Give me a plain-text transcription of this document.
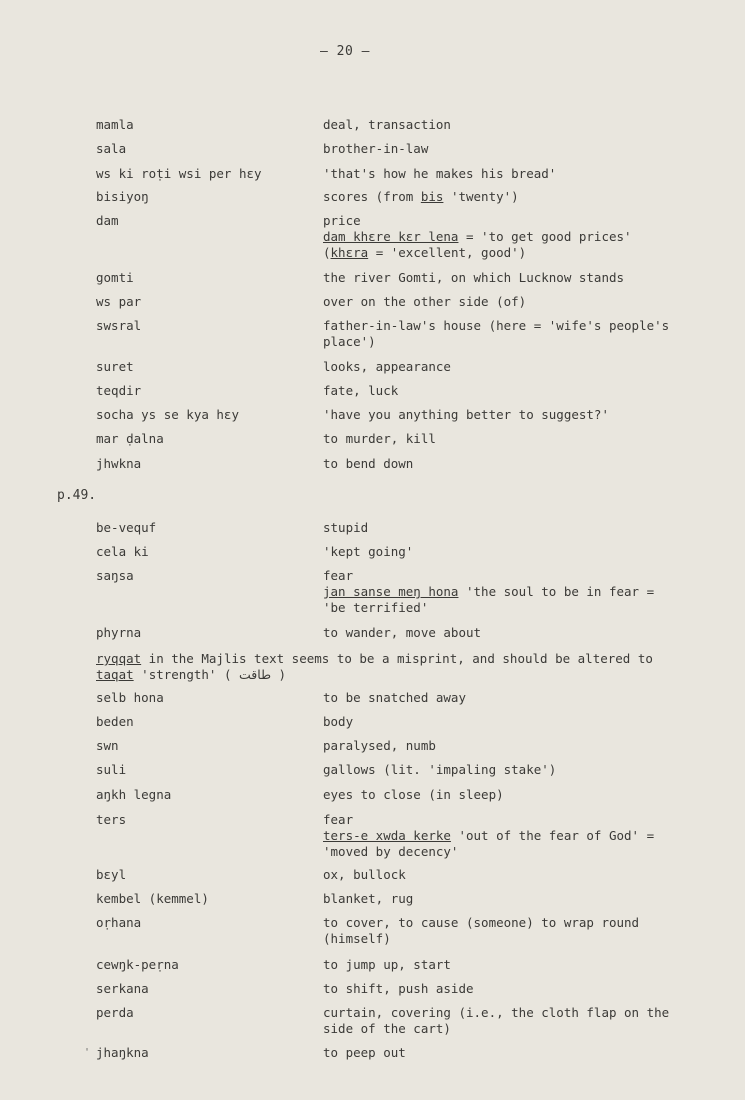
– 20 –
p.49.
mamla	deal, transaction
sala	brother-in-law
ws ki roṭi wsi per hεy	'that's how he makes his bread'
bisiyoŋ	scores (from bis 'twenty')
dam	price
dam khεre kεr lena = 'to get good prices'
(khεra = 'excellent, good')
gomti	the river Gomti, on which Lucknow stands
ws par	over on the other side (of)
swsral	father-in-law's house (here = 'wife's people's
place')
suret	looks, appearance
teqdir	fate, luck
socha ys se kya hεy	'have you anything better to suggest?'
mar ḍalna	to murder, kill
jhwkna	to bend down
be-vequf	stupid
cela ki	'kept going'
saŋsa	fear
jan sanse meŋ hona 'the soul to be in fear =
'be terrified'
phyrna	to wander, move about
selb hona	to be snatched away
beden	body
swn	paralysed, numb
suli	gallows (lit. 'impaling stake')
aŋkh legna	eyes to close (in sleep)
ters	fear
ters-e xwda kerke 'out of the fear of God' =
'moved by decency'
bεyl	ox, bullock
kembel (kemmel)	blanket, rug
oṛhana	to cover, to cause (someone) to wrap round
(himself)
cewŋk-peṛna	to jump up, start
serkana	to shift, push aside
perda	curtain, covering (i.e., the cloth flap on the
side of the cart)
jhaŋkna	to peep out
ryqqat in the Majlis text seems to be a misprint, and should be altered to
taqat 'strength' ( طاقت )
'
